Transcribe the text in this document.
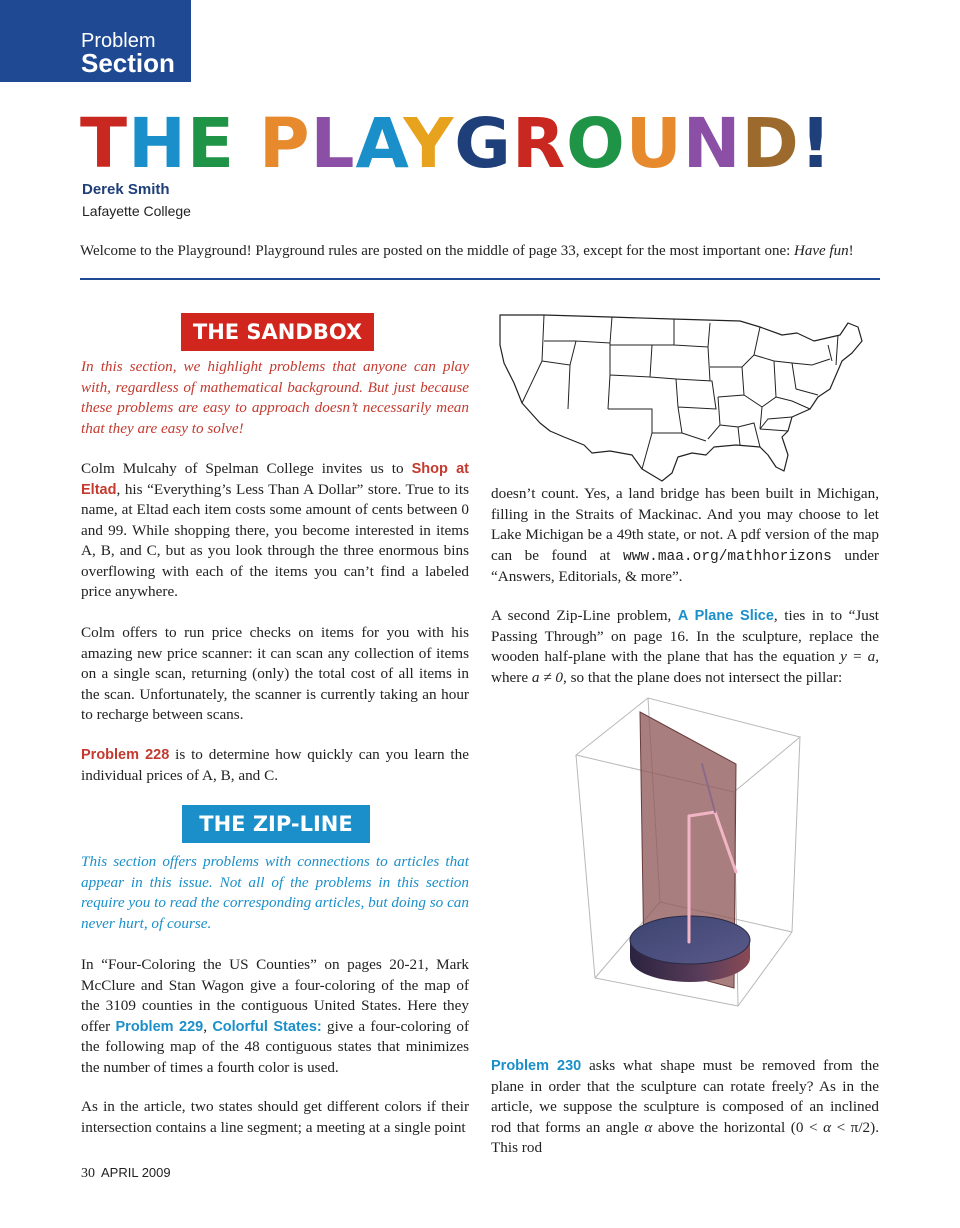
Problem
Section
THE PLAYGROUND!
Derek Smith
Lafayette College
Welcome to the Playground! Playground rules are posted on the middle of page 33, except for the most important one: Have fun!
THE SANDBOX

In this section, we highlight problems that anyone can play with, regardless of mathematical background. But just because these problems are easy to approach doesn’t necessarily mean that they are easy to solve!

Colm Mulcahy of Spelman College invites us to Shop at Eltad, his “Everything’s Less Than A Dollar” store. True to its name, at Eltad each item costs some amount of cents between 0 and 99. While shopping there, you become interested in items A, B, and C, but as you look through the three enormous bins overflowing with each of the items you can’t find a labeled price anywhere.

Colm offers to run price checks on items for you with his amazing new price scanner: it can scan any collection of items on a single scan, returning (only) the total cost of all items in the scan. Unfortunately, the scanner is currently taking an hour to recharge between scans.

Problem 228 is to determine how quickly can you learn the individual prices of A, B, and C.

THE ZIP-LINE

This section offers problems with connections to articles that appear in this issue. Not all of the problems in this section require you to read the corresponding articles, but doing so can never hurt, of course.

In “Four-Coloring the US Counties” on pages 20-21, Mark McClure and Stan Wagon give a four-coloring of the map of the 3109 counties in the contiguous United States. Here they offer Problem 229, Colorful States: give a four-coloring of the following map of the 48 contiguous states that minimizes the number of times a fourth color is used.

As in the article, two states should get different colors if their intersection contains a line segment; a meeting at a single point

doesn’t count. Yes, a land bridge has been built in Michigan, filling in the Straits of Mackinac. And you may choose to let Lake Michigan be a 49th state, or not. A pdf version of the map can be found at www.maa.org/mathhorizons under “Answers, Editorials, & more”.

A second Zip-Line problem, A Plane Slice, ties in to “Just Passing Through” on page 16. In the sculpture, replace the wooden half-plane with the plane that has the equation y = a, where a ≠ 0, so that the plane does not intersect the pillar:

Problem 230 asks what shape must be removed from the plane in order that the sculpture can rotate freely? As in the article, we suppose the sculpture is composed of an inclined rod that forms an angle α above the horizontal (0 < α < π/2). This rod

30 APRIL 2009
